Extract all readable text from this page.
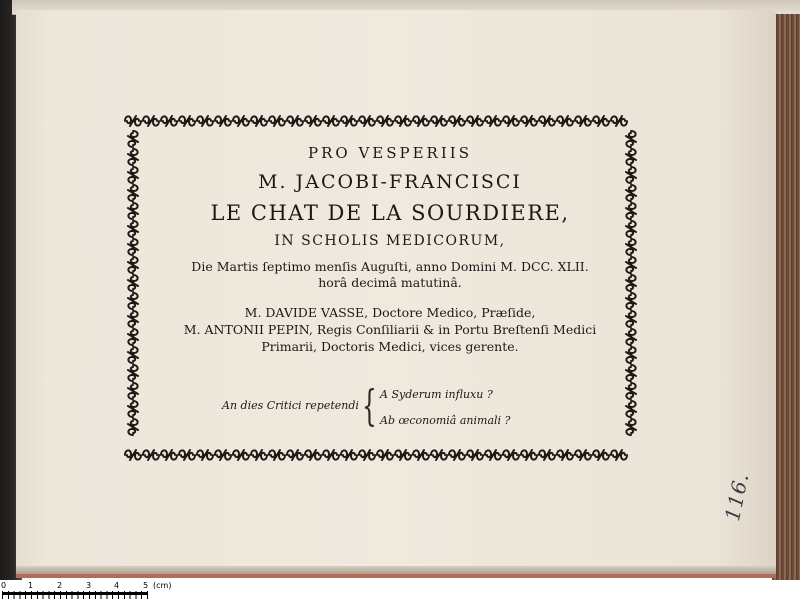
PRO VESPERIIS
M. JACOBI-FRANCISCI
LE CHAT DE LA SOURDIERE,
IN SCHOLIS MEDICORUM,
Die Martis ſeptimo menſis Auguſti, anno Domini M. DCC. XLII.
horâ decimâ matutinâ.
M. DAVIDE VASSE, Doctore Medico, Præſide,
M. ANTONII PEPIN, Regis Conſiliarii & in Portu Breſtenſi Medici
Primarii, Doctoris Medici, vices gerente.
An dies Critici repetendi { A Syderum influxu ?
Ab œconomiâ animali ?
116.
0	1	2	3	4	5 (cm)
